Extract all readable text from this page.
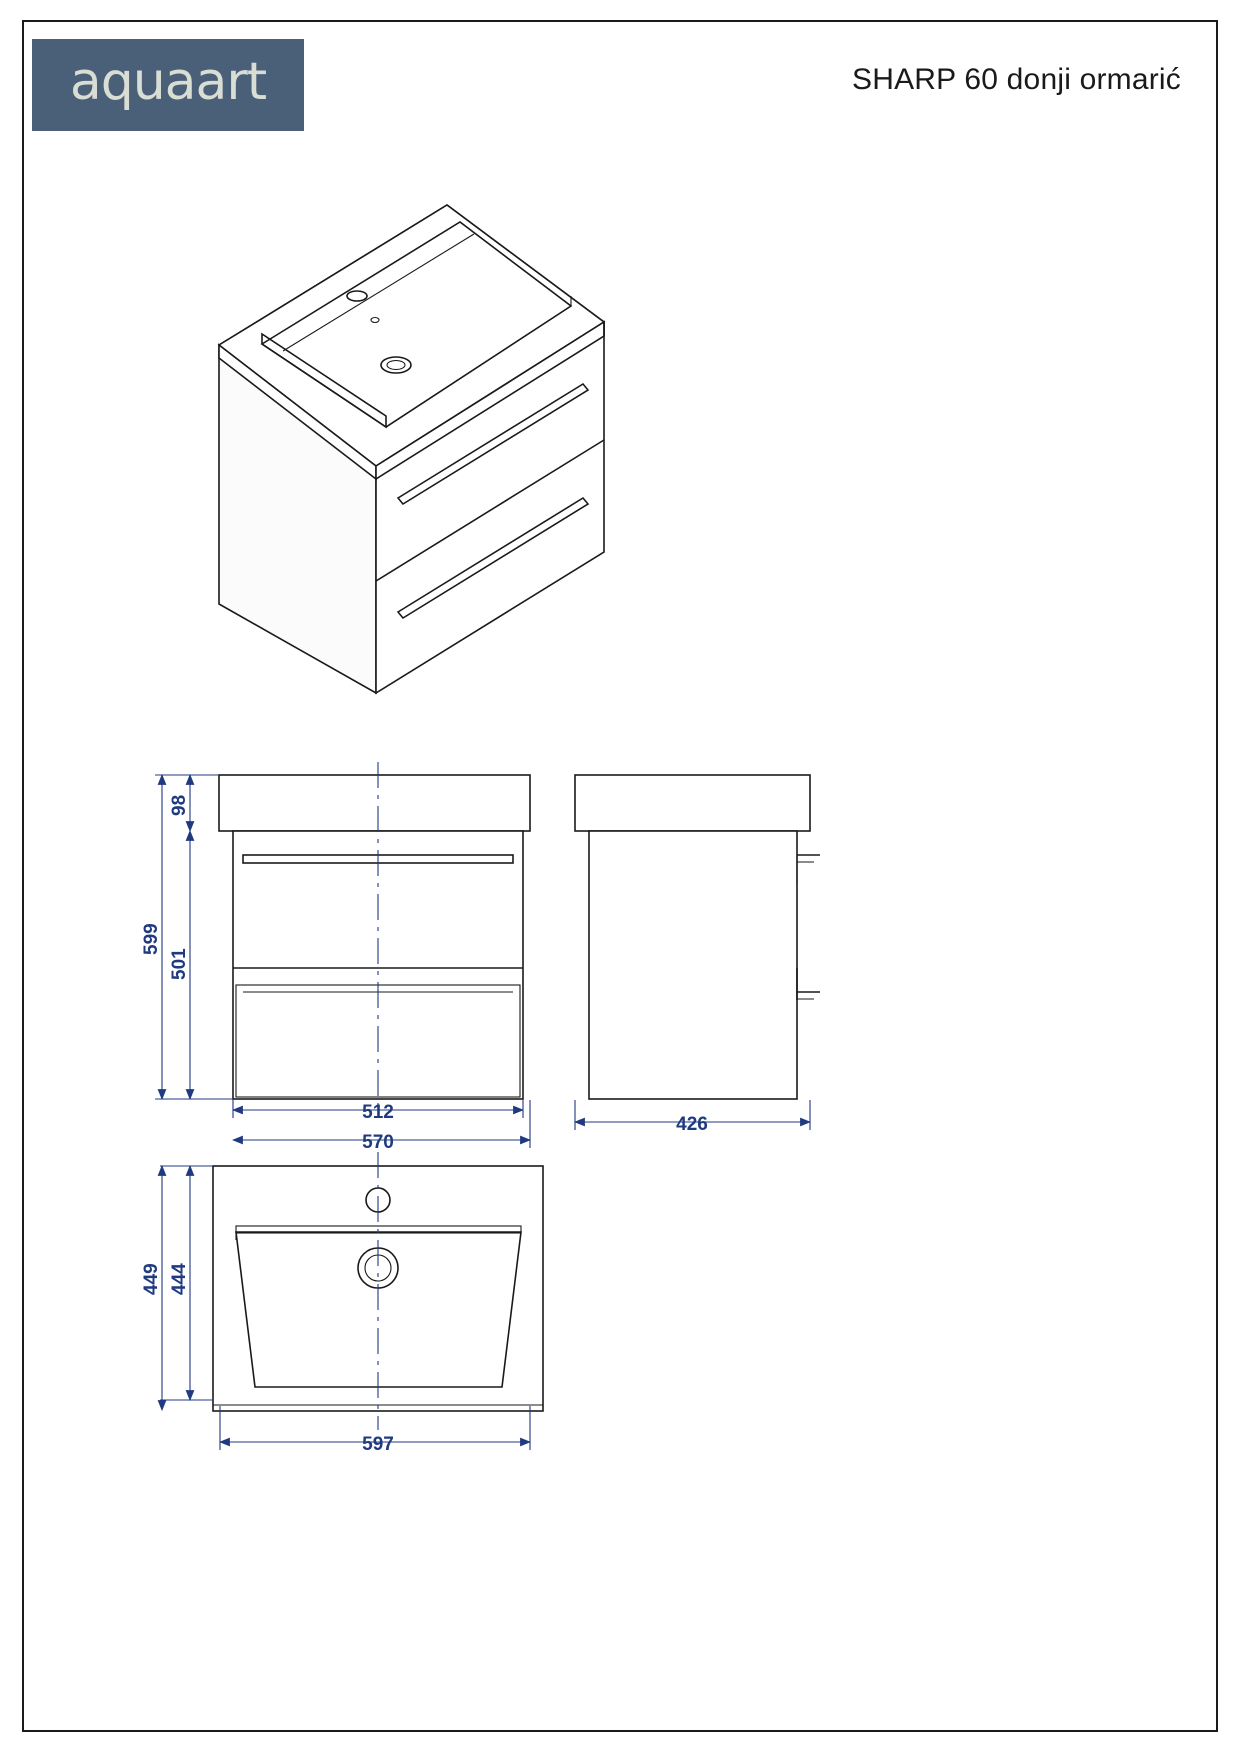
aquaart	SHARP 60 donji ormarić
98
501
599
512
570
426
444
449
597
